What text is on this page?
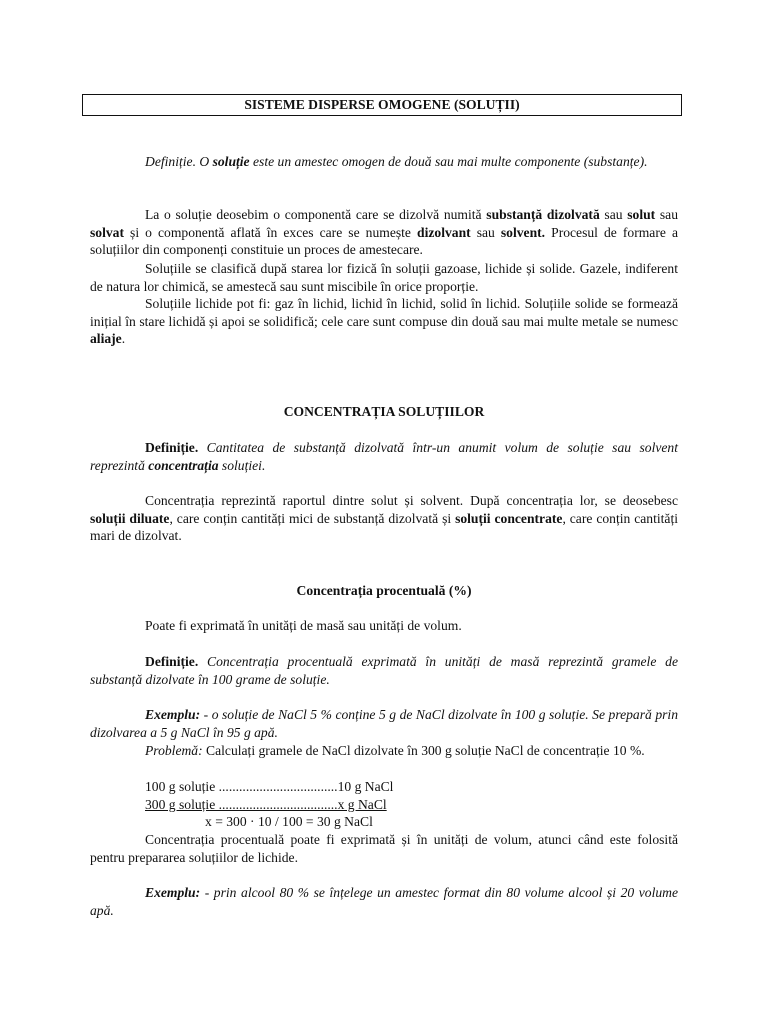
SISTEME DISPERSE OMOGENE (SOLUȚII)

Definiție. O soluție este un amestec omogen de două sau mai multe componente (substanțe).

La o soluție deosebim o componentă care se dizolvă numită substanță dizolvată sau solut sau solvat și o componentă aflată în exces care se numește dizolvant sau solvent. Procesul de formare a soluțiilor din componenți constituie un proces de amestecare.

Soluțiile se clasifică după starea lor fizică în soluții gazoase, lichide și solide. Gazele, indiferent de natura lor chimică, se amestecă sau sunt miscibile în orice proporție.

Soluțiile lichide pot fi: gaz în lichid, lichid în lichid, solid în lichid. Soluțiile solide se formează inițial în stare lichidă și apoi se solidifică; cele care sunt compuse din două sau mai multe metale se numesc aliaje.

CONCENTRAȚIA SOLUȚIILOR

Definiție. Cantitatea de substanță dizolvată într-un anumit volum de soluție sau solvent reprezintă concentrația soluției.

Concentrația reprezintă raportul dintre solut și solvent. După concentrația lor, se deosebesc soluții diluate, care conțin cantități mici de substanță dizolvată și soluții concentrate, care conțin cantități mari de dizolvat.

Concentrația procentuală (%)

Poate fi exprimată în unități de masă sau unități de volum.

Definiție. Concentrația procentuală exprimată în unități de masă reprezintă gramele de substanță dizolvate în 100 grame de soluție.

Exemplu: - o soluție de NaCl 5 % conține 5 g de NaCl dizolvate în 100 g soluție. Se prepară prin dizolvarea a 5 g NaCl în 95 g apă.

Problemă: Calculați gramele de NaCl dizolvate în 300 g soluție NaCl de concentrație 10 %.

100 g soluție ...................................10 g NaCl
300 g soluție ...................................x g NaCl
x = 300 · 10 / 100 = 30 g NaCl

Concentrația procentuală poate fi exprimată și în unități de volum, atunci când este folosită pentru prepararea soluțiilor de lichide.

Exemplu: - prin alcool 80 % se înțelege un amestec format din 80 volume alcool și 20 volume apă.
